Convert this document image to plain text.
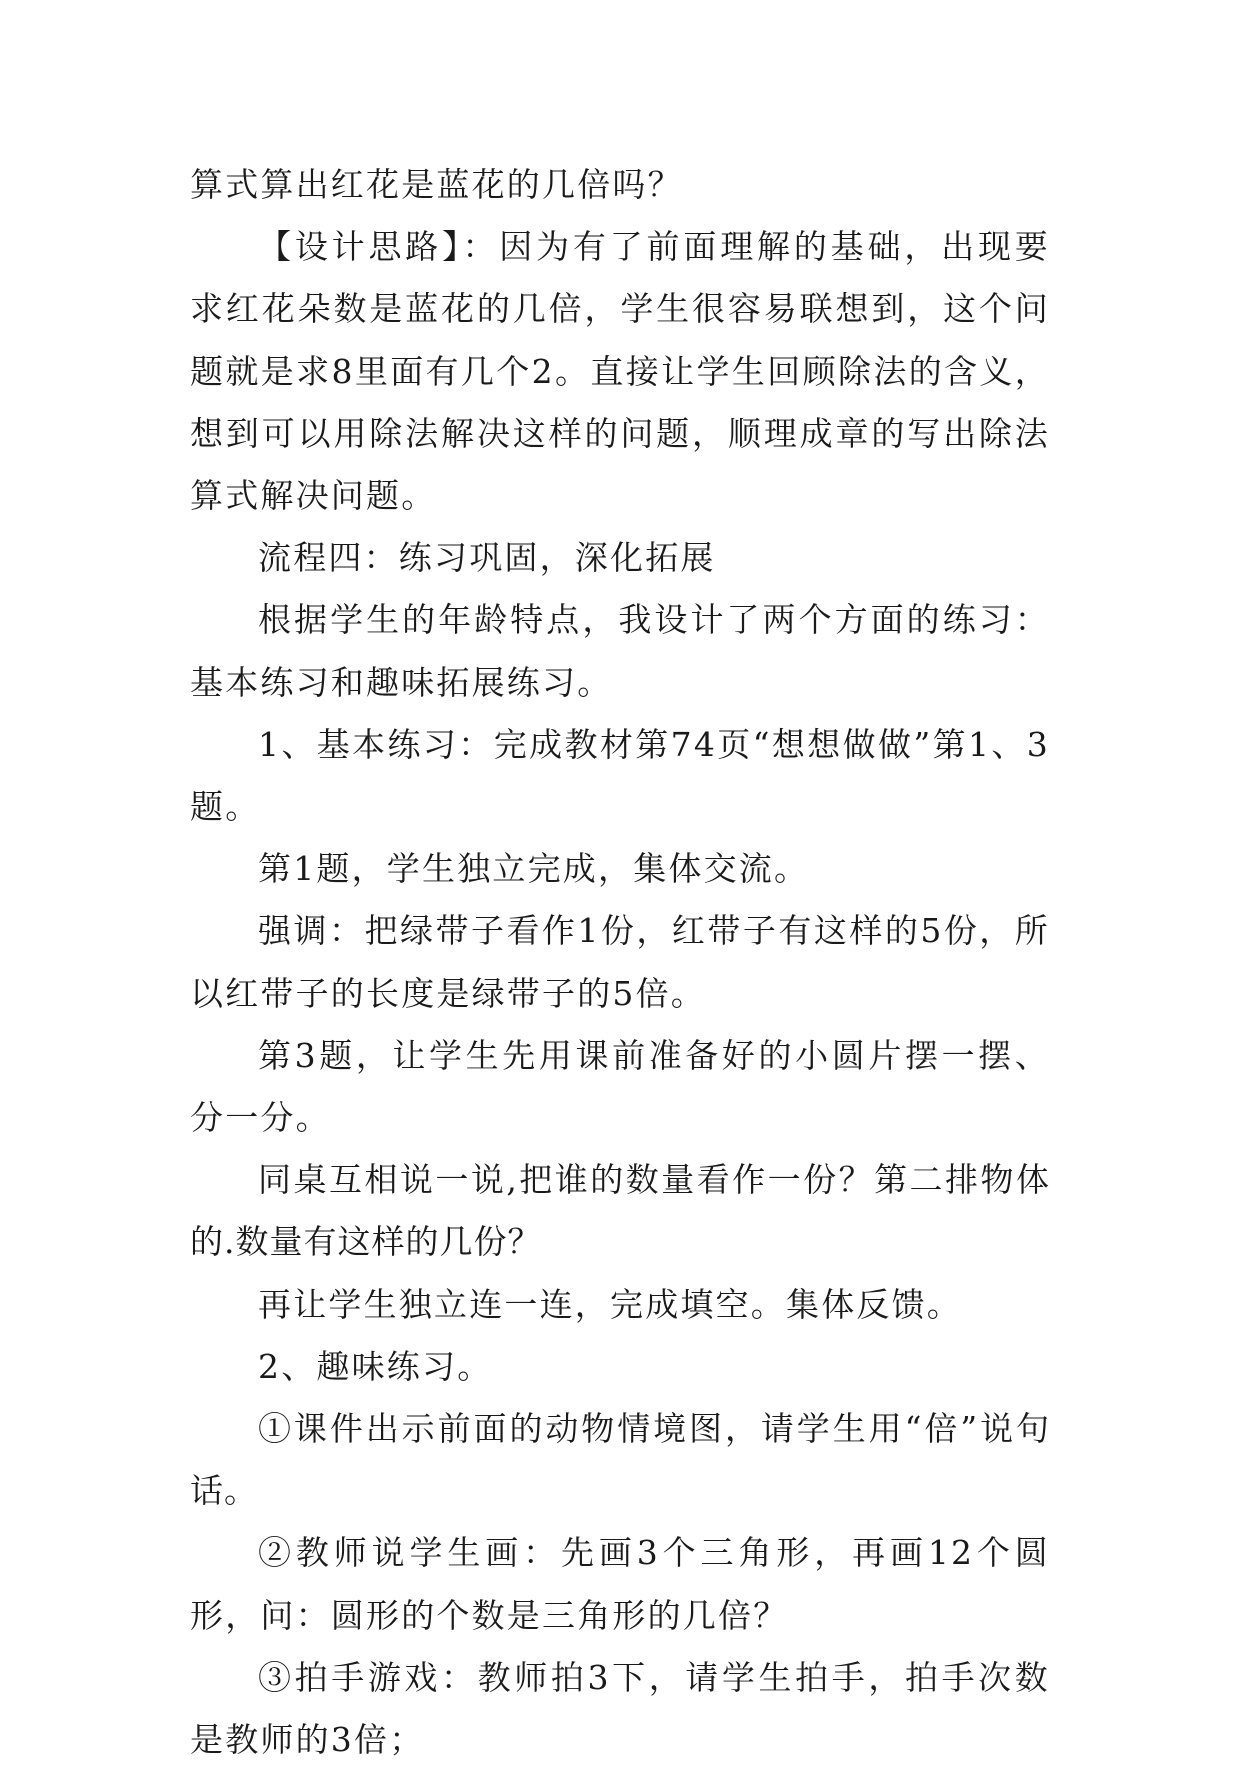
算式算出红花是蓝花的几倍吗？

【设计思路】：因为有了前面理解的基础，出现要求红花朵数是蓝花的几倍，学生很容易联想到，这个问题就是求8里面有几个2。直接让学生回顾除法的含义，想到可以用除法解决这样的问题，顺理成章的写出除法算式解决问题。

流程四：练习巩固，深化拓展

根据学生的年龄特点，我设计了两个方面的练习：基本练习和趣味拓展练习。

1、基本练习：完成教材第74页“想想做做”第1、3题。

第1题，学生独立完成，集体交流。

强调：把绿带子看作1份，红带子有这样的5份，所以红带子的长度是绿带子的5倍。

第3题，让学生先用课前准备好的小圆片摆一摆、分一分。

同桌互相说一说,把谁的数量看作一份？第二排物体的.数量有这样的几份？

再让学生独立连一连，完成填空。集体反馈。

2、趣味练习。

①课件出示前面的动物情境图，请学生用“倍”说句话。

②教师说学生画：先画3个三角形，再画12个圆形，问：圆形的个数是三角形的几倍？

③拍手游戏：教师拍3下，请学生拍手，拍手次数是教师的3倍；
